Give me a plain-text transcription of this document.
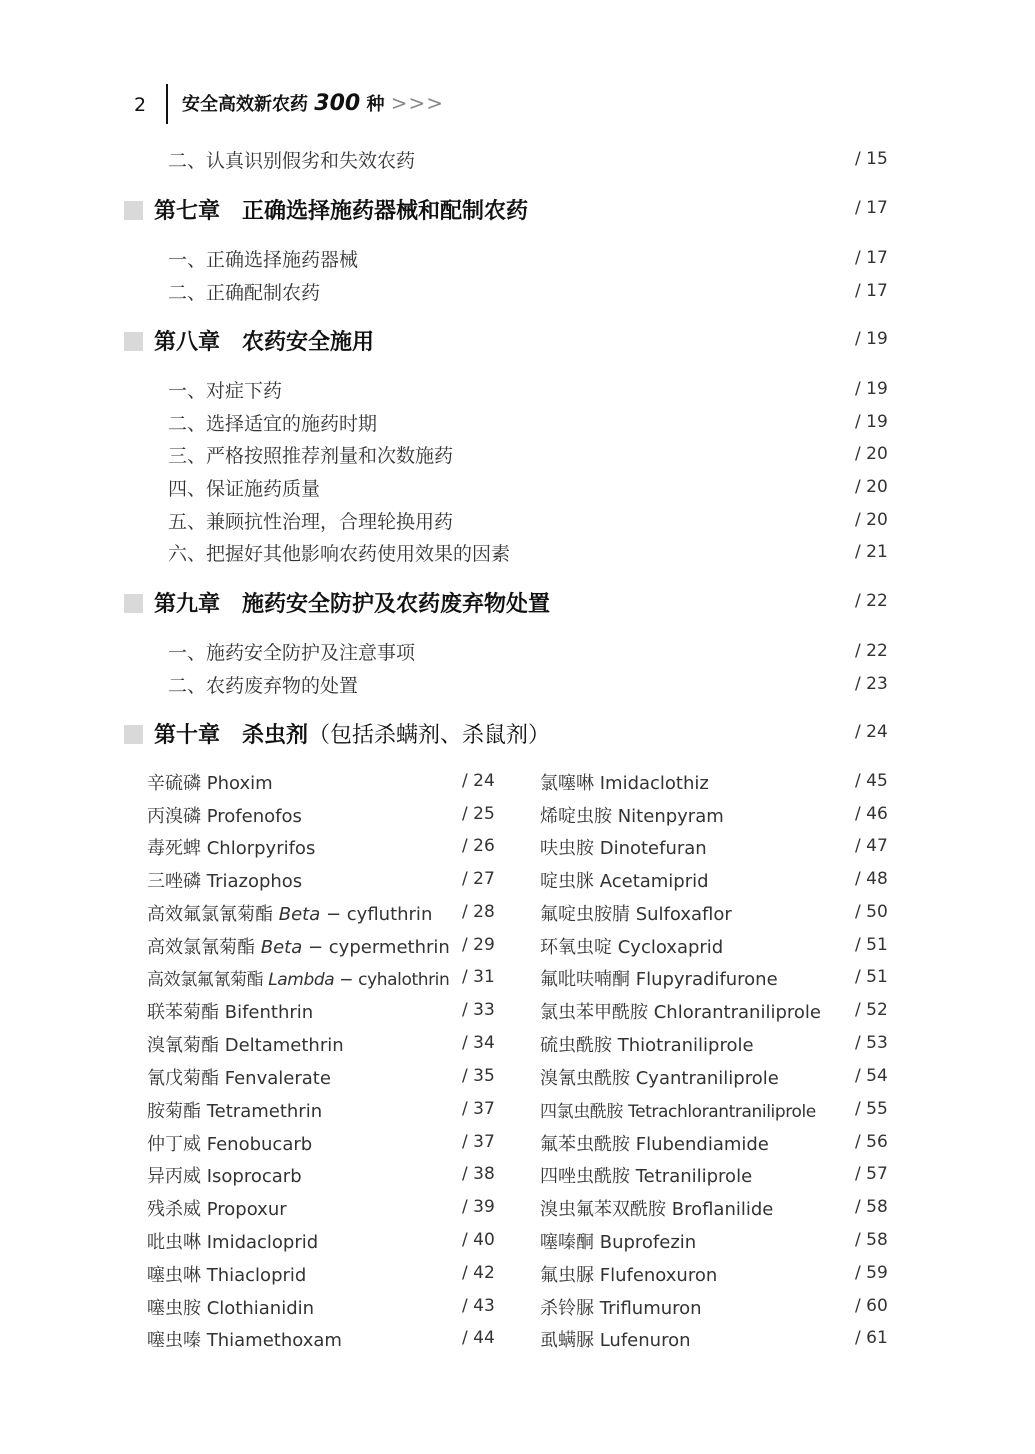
2 安全高效新农药 300 种 >>>
二、认真识别假劣和失效农药	/ 15
第七章　正确选择施药器械和配制农药	/ 17
一、正确选择施药器械	/ 17
二、正确配制农药	/ 17
第八章　农药安全施用	/ 19
一、对症下药	/ 19
二、选择适宜的施药时期	/ 19
三、严格按照推荐剂量和次数施药	/ 20
四、保证施药质量	/ 20
五、兼顾抗性治理，合理轮换用药	/ 20
六、把握好其他影响农药使用效果的因素	/ 21
第九章　施药安全防护及农药废弃物处置	/ 22
一、施药安全防护及注意事项	/ 22
二、农药废弃物的处置	/ 23
第十章　杀虫剂（包括杀螨剂、杀鼠剂）	/ 24
辛硫磷 Phoxim	/ 24	氯噻啉 Imidaclothiz	/ 45
丙溴磷 Profenofos	/ 25	烯啶虫胺 Nitenpyram	/ 46
毒死蜱 Chlorpyrifos	/ 26	呋虫胺 Dinotefuran	/ 47
三唑磷 Triazophos	/ 27	啶虫脒 Acetamiprid	/ 48
高效氟氯氰菊酯 Beta − cyfluthrin / 28	氟啶虫胺腈 Sulfoxaflor	/ 50
高效氯氰菊酯 Beta − cypermethrin / 29	环氧虫啶 Cycloxaprid	/ 51
高效氯氟氰菊酯 Lambda − cyhalothrin / 31	氟吡呋喃酮 Flupyradifurone	/ 51
联苯菊酯 Bifenthrin	/ 33	氯虫苯甲酰胺 Chlorantraniliprole / 52
溴氰菊酯 Deltamethrin	/ 34	硫虫酰胺 Thiotraniliprole	/ 53
氰戊菊酯 Fenvalerate	/ 35	溴氰虫酰胺 Cyantraniliprole	/ 54
胺菊酯 Tetramethrin	/ 37	四氯虫酰胺 Tetrachlorantraniliprole / 55
仲丁威 Fenobucarb	/ 37	氟苯虫酰胺 Flubendiamide	/ 56
异丙威 Isoprocarb	/ 38	四唑虫酰胺 Tetraniliprole	/ 57
残杀威 Propoxur	/ 39	溴虫氟苯双酰胺 Broflanilide	/ 58
吡虫啉 Imidacloprid	/ 40	噻嗪酮 Buprofezin	/ 58
噻虫啉 Thiacloprid	/ 42	氟虫脲 Flufenoxuron	/ 59
噻虫胺 Clothianidin	/ 43	杀铃脲 Triflumuron	/ 60
噻虫嗪 Thiamethoxam	/ 44	虱螨脲 Lufenuron	/ 61
